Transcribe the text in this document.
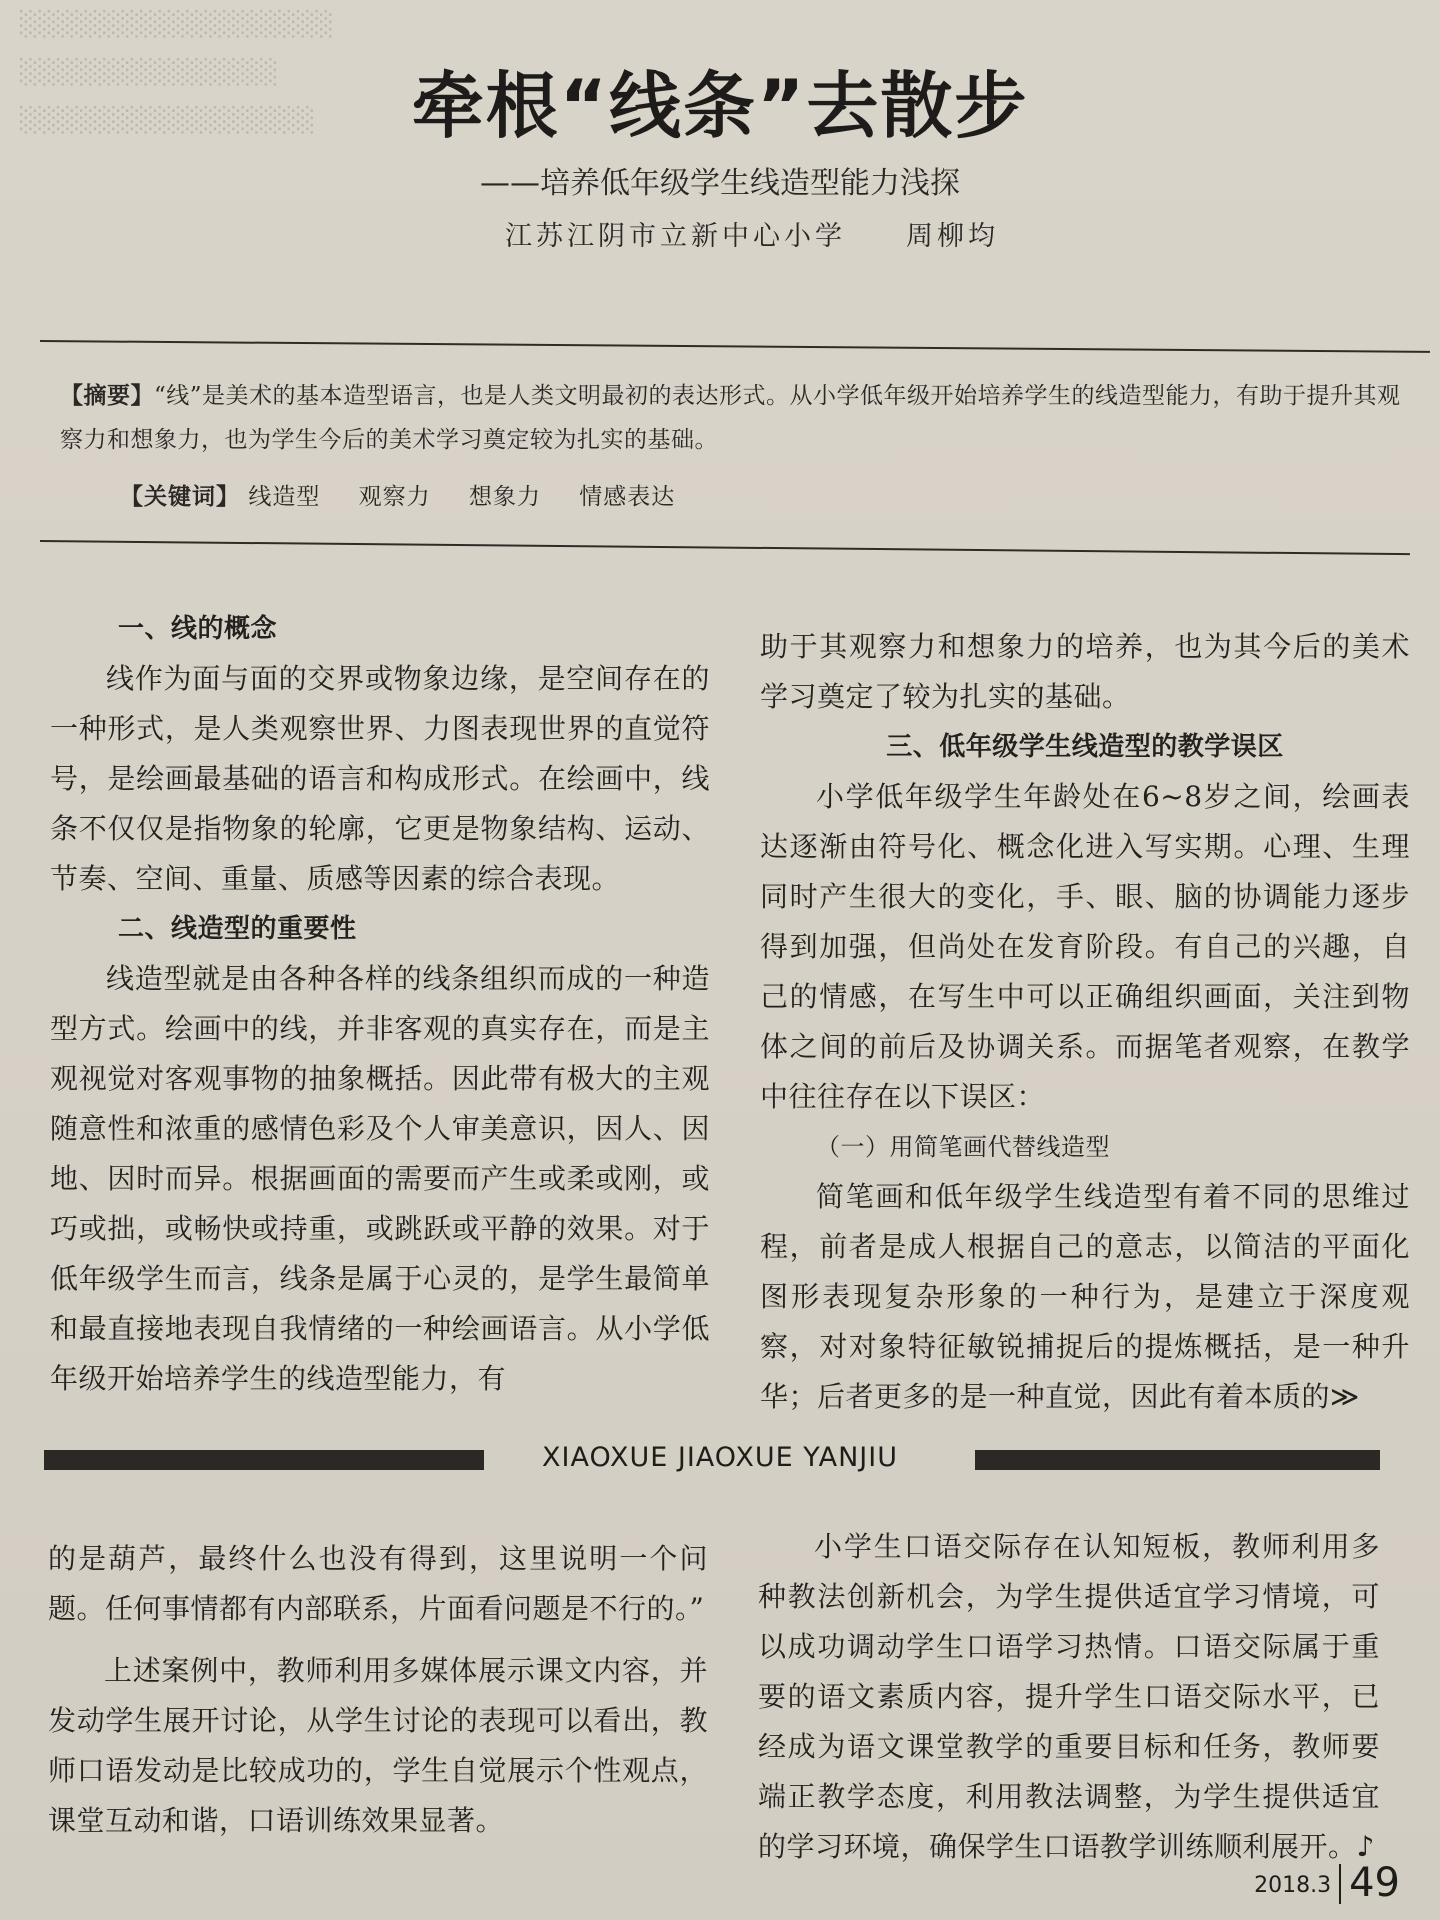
░░░░░░░░░░░░░░░░░
░░░░░░░░░░░░░░
░░░░░░░░░░░░░░░░	牵根“线条”去散步
——培养低年级学生线造型能力浅探
江苏江阴市立新中心小学 周柳均
【摘要】“线”是美术的基本造型语言，也是人类文明最初的表达形式。从小学低年级开始培养学生的线造型能力，有助于提升其观察力和想象力，也为学生今后的美术学习奠定较为扎实的基础。
【关键词】 线造型 观察力 想象力 情感表达

一、线的概念

线作为面与面的交界或物象边缘，是空间存在的一种形式，是人类观察世界、力图表现世界的直觉符号，是绘画最基础的语言和构成形式。在绘画中，线条不仅仅是指物象的轮廓，它更是物象结构、运动、节奏、空间、重量、质感等因素的综合表现。

二、线造型的重要性

线造型就是由各种各样的线条组织而成的一种造型方式。绘画中的线，并非客观的真实存在，而是主观视觉对客观事物的抽象概括。因此带有极大的主观随意性和浓重的感情色彩及个人审美意识，因人、因地、因时而异。根据画面的需要而产生或柔或刚，或巧或拙，或畅快或持重，或跳跃或平静的效果。对于低年级学生而言，线条是属于心灵的，是学生最简单和最直接地表现自我情绪的一种绘画语言。从小学低年级开始培养学生的线造型能力，有

助于其观察力和想象力的培养，也为其今后的美术学习奠定了较为扎实的基础。

三、低年级学生线造型的教学误区

小学低年级学生年龄处在6~8岁之间，绘画表达逐渐由符号化、概念化进入写实期。心理、生理同时产生很大的变化，手、眼、脑的协调能力逐步得到加强，但尚处在发育阶段。有自己的兴趣，自己的情感，在写生中可以正确组织画面，关注到物体之间的前后及协调关系。而据笔者观察，在教学中往往存在以下误区：

（一）用简笔画代替线造型

简笔画和低年级学生线造型有着不同的思维过程，前者是成人根据自己的意志，以简洁的平面化图形表现复杂形象的一种行为，是建立于深度观察，对对象特征敏锐捕捉后的提炼概括，是一种升华；后者更多的是一种直觉，因此有着本质的≫

XIAOXUE JIAOXUE YANJIU

的是葫芦，最终什么也没有得到，这里说明一个问题。任何事情都有内部联系，片面看问题是不行的。”

上述案例中，教师利用多媒体展示课文内容，并发动学生展开讨论，从学生讨论的表现可以看出，教师口语发动是比较成功的，学生自觉展示个性观点，课堂互动和谐，口语训练效果显著。

小学生口语交际存在认知短板，教师利用多种教法创新机会，为学生提供适宜学习情境，可以成功调动学生口语学习热情。口语交际属于重要的语文素质内容，提升学生口语交际水平，已经成为语文课堂教学的重要目标和任务，教师要端正教学态度，利用教法调整，为学生提供适宜的学习环境，确保学生口语教学训练顺利展开。♪

2018.3 49
